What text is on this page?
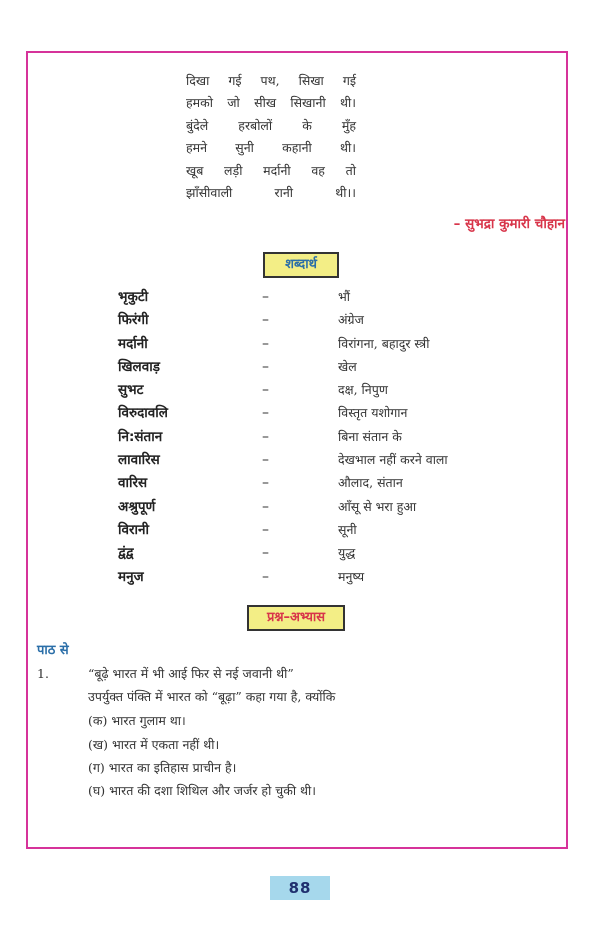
दिखा गई पथ, सिखा गई
हमको जो सीख सिखानी थी।
बुंदेले हरबोलों के मुँह
हमने सुनी कहानी थी।
खूब लड़ी मर्दानी वह तो
झाँसीवाली रानी थी।।
– सुभद्रा कुमारी चौहान
शब्दार्थ
भृकुटी	–	भौं
फिरंगी	–	अंग्रेज
मर्दानी	–	विरांगना, बहादुर स्त्री
खिलवाड़	–	खेल
सुभट	–	दक्ष, निपुण
विरुदावलि	–	विस्तृत यशोगान
नि:संतान	–	बिना संतान के
लावारिस	–	देखभाल नहीं करने वाला
वारिस	–	औलाद, संतान
अश्रुपूर्ण	–	आँसू से भरा हुआ
विरानी	–	सूनी
द्वंद्व	–	युद्ध
मनुज	–	मनुष्य
प्रश्न–अभ्यास
पाठ से
1.	“बूढ़े भारत में भी आई फिर से नई जवानी थी”
उपर्युक्त पंक्ति में भारत को “बूढ़ा” कहा गया है, क्योंकि
(क) भारत गुलाम था।
(ख) भारत में एकता नहीं थी।
(ग) भारत का इतिहास प्राचीन है।
(घ) भारत की दशा शिथिल और जर्जर हो चुकी थी।
88
